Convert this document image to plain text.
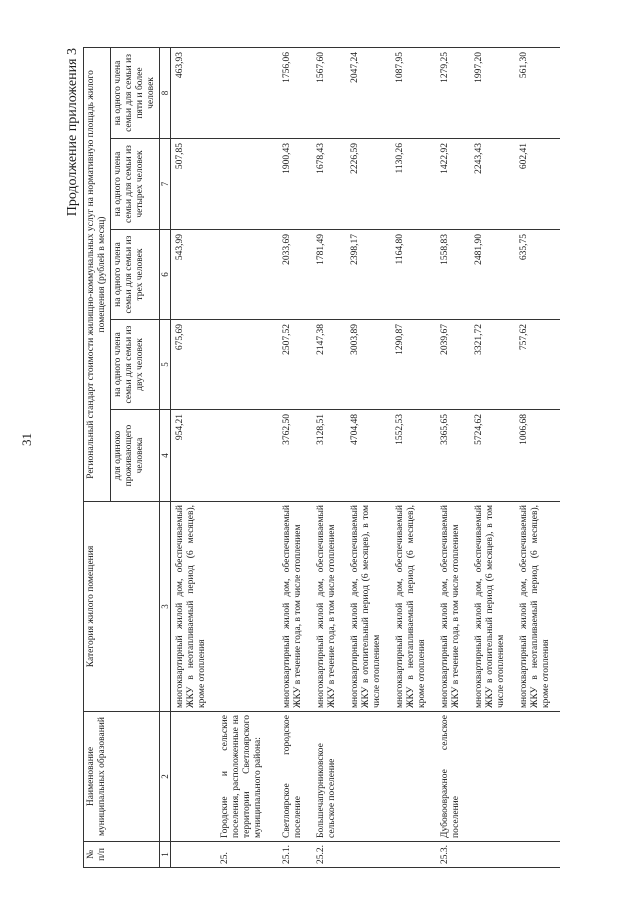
31
Продолжение приложения 3
№ п/п	Наименование муниципальных образований	Категория жилого помещения	Региональный стандарт стоимости жилищно-коммунальных услуг на нормативную площадь жилого помещения (рублей в месяц)				
			для одиноко проживающего человека	на одного члена семьи для семьи из двух человек	на одного члена семьи для семьи из трех человек	на одного члена семьи для семьи из четырех человек	на одного члена семьи для семьи из пяти и более человек
1	2	3	4	5	6	7	8
		многоквартирный жилой дом, обеспечиваемый ЖКУ в неотапливаемый период (6 месяцев), кроме отопления	954,21	675,69	543,99	507,85	463,93
25.	Городские и сельские поселения, расположенные на территории Светлоярского муниципального района:						
25.1.	Светлоярское городское поселение	многоквартирный жилой дом, обеспечиваемый ЖКУ в течение года, в том числе отоплением	3762,50	2507,52	2033,69	1900,43	1756,06
25.2.	Большечапурниковское сельское поселение	многоквартирный жилой дом, обеспечиваемый ЖКУ в течение года, в том числе отоплением	3128,51	2147,38	1781,49	1678,43	1567,60
		многоквартирный жилой дом, обеспечиваемый ЖКУ в отопительный период (6 месяцев), в том числе отоплением	4704,48	3003,89	2398,17	2226,59	2047,24
		многоквартирный жилой дом, обеспечиваемый ЖКУ в неотапливаемый период (6 месяцев), кроме отопления	1552,53	1290,87	1164,80	1130,26	1087,95
25.3.	Дубовоовражное сельское поселение	многоквартирный жилой дом, обеспечиваемый ЖКУ в течение года, в том числе отоплением	3365,65	2039,67	1558,83	1422,92	1279,25
		многоквартирный жилой дом, обеспечиваемый ЖКУ в отопительный период (6 месяцев), в том числе отоплением	5724,62	3321,72	2481,90	2243,43	1997,20
		многоквартирный жилой дом, обеспечиваемый ЖКУ в неотапливаемый период (6 месяцев), кроме отопления	1006,68	757,62	635,75	602,41	561,30
